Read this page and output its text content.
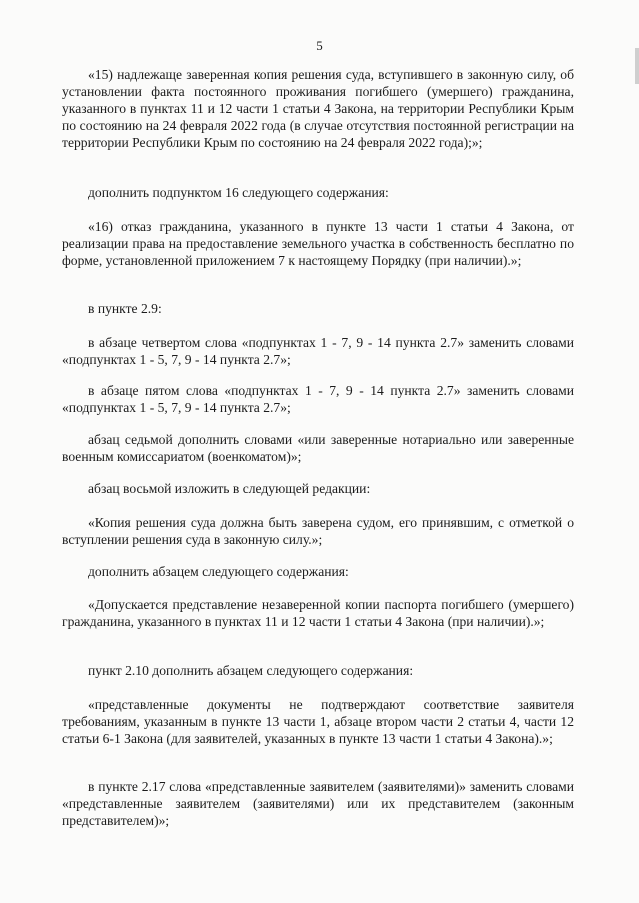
5

«15) надлежаще заверенная копия решения суда, вступившего в законную силу, об установлении факта постоянного проживания погибшего (умершего) гражданина, указанного в пунктах 11 и 12 части 1 статьи 4 Закона, на территории Республики Крым по состоянию на 24 февраля 2022 года (в случае отсутствия постоянной регистрации на территории Республики Крым по состоянию на 24 февраля 2022 года);»;

дополнить подпунктом 16 следующего содержания:

«16) отказ гражданина, указанного в пункте 13 части 1 статьи 4 Закона, от реализации права на предоставление земельного участка в собственность бесплатно по форме, установленной приложением 7 к настоящему Порядку (при наличии).»;

в пункте 2.9:

в абзаце четвертом слова «подпунктах 1 - 7, 9 - 14 пункта 2.7» заменить словами «подпунктах 1 - 5, 7, 9 - 14 пункта 2.7»;

в абзаце пятом слова «подпунктах 1 - 7, 9 - 14 пункта 2.7» заменить словами «подпунктах 1 - 5, 7, 9 - 14 пункта 2.7»;

абзац седьмой дополнить словами «или заверенные нотариально или заверенные военным комиссариатом (военкоматом)»;

абзац восьмой изложить в следующей редакции:

«Копия решения суда должна быть заверена судом, его принявшим, с отметкой о вступлении решения суда в законную силу.»;

дополнить абзацем следующего содержания:

«Допускается представление незаверенной копии паспорта погибшего (умершего) гражданина, указанного в пунктах 11 и 12 части 1 статьи 4 Закона (при наличии).»;

пункт 2.10 дополнить абзацем следующего содержания:

«представленные документы не подтверждают соответствие заявителя требованиям, указанным в пункте 13 части 1, абзаце втором части 2 статьи 4, части 12 статьи 6-1 Закона (для заявителей, указанных в пункте 13 части 1 статьи 4 Закона).»;

в пункте 2.17 слова «представленные заявителем (заявителями)» заменить словами «представленные заявителем (заявителями) или их представителем (законным представителем)»;
